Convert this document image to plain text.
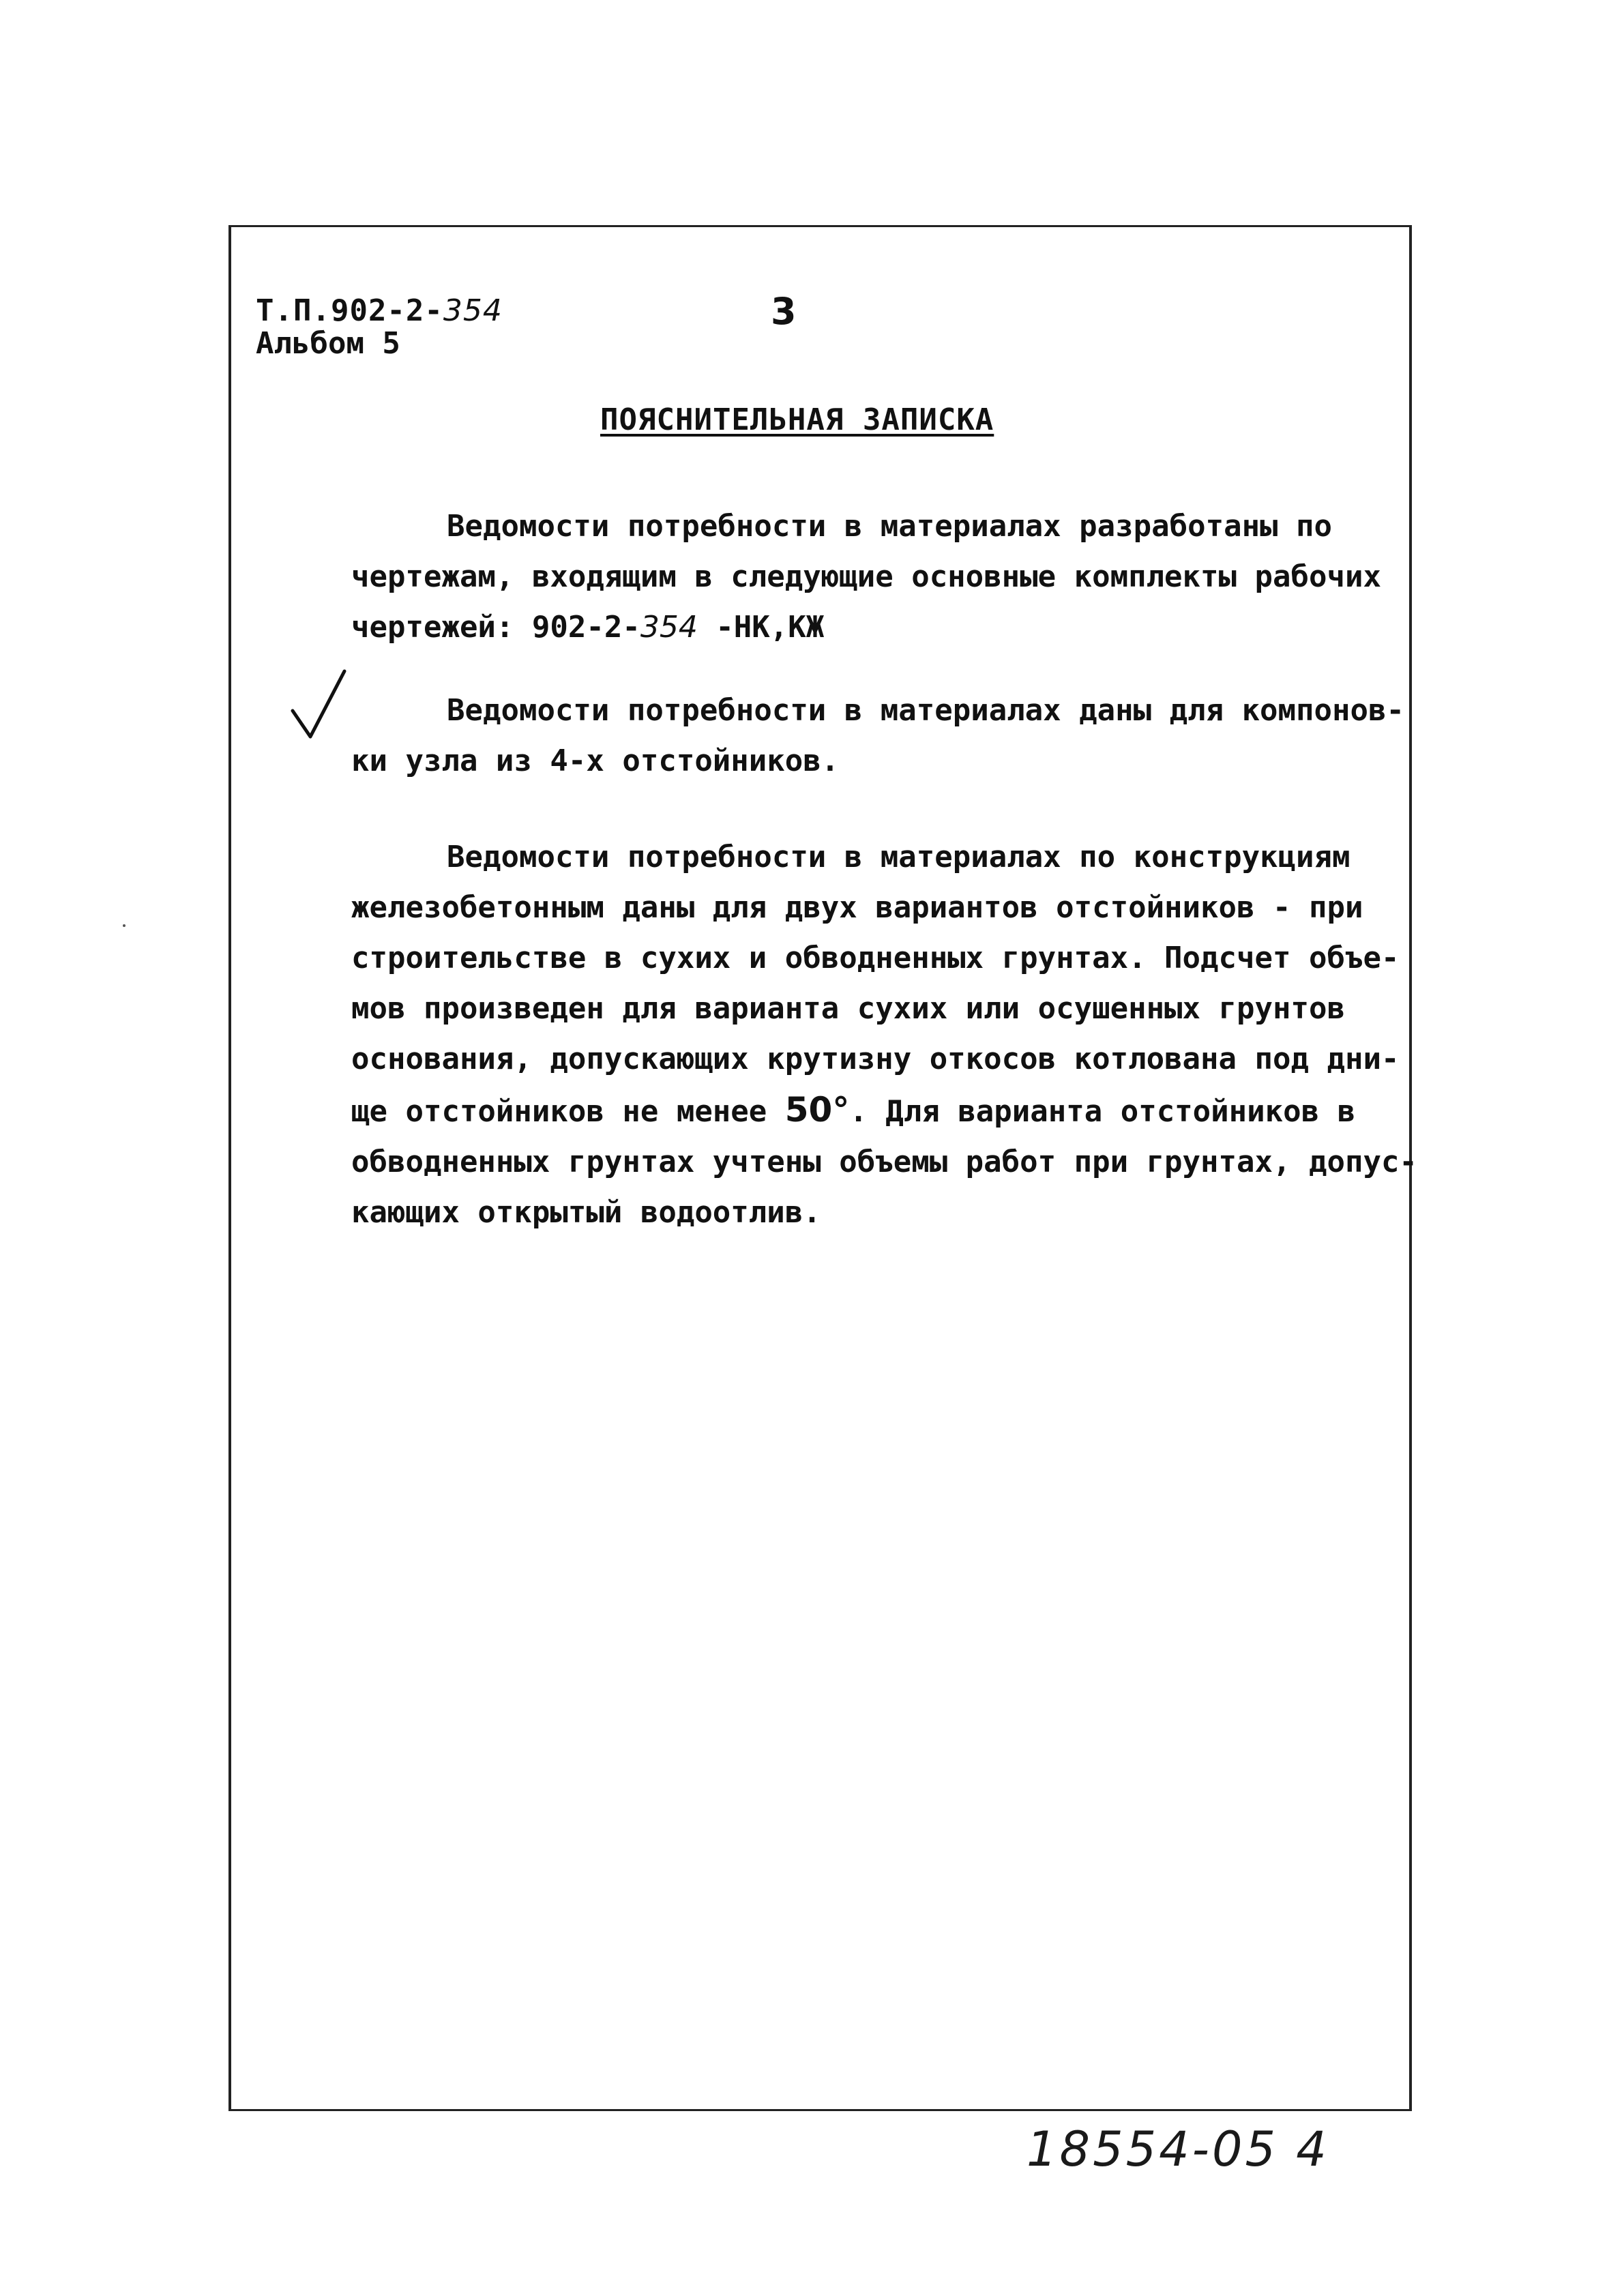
Т.П.902-2-354
Альбом 5
3
ПОЯСНИТЕЛЬНАЯ ЗАПИСКА

Ведомости потребности в материалах разработаны по
чертежам, входящим в следующие основные комплекты рабочих
чертежей: 902-2-354 -НК,КЖ

Ведомости потребности в материалах даны для компонов-
ки узла из 4-х отстойников.

Ведомости потребности в материалах по конструкциям
железобетонным даны для двух вариантов отстойников - при
строительстве в сухих и обводненных грунтах. Подсчет объе-
мов произведен для варианта сухих или осушенных грунтов
основания, допускающих крутизну откосов котлована под дни-
ще отстойников не менее 50°. Для варианта отстойников в
обводненных грунтах учтены объемы работ при грунтах, допус-
кающих открытый водоотлив.

18554-05 4
